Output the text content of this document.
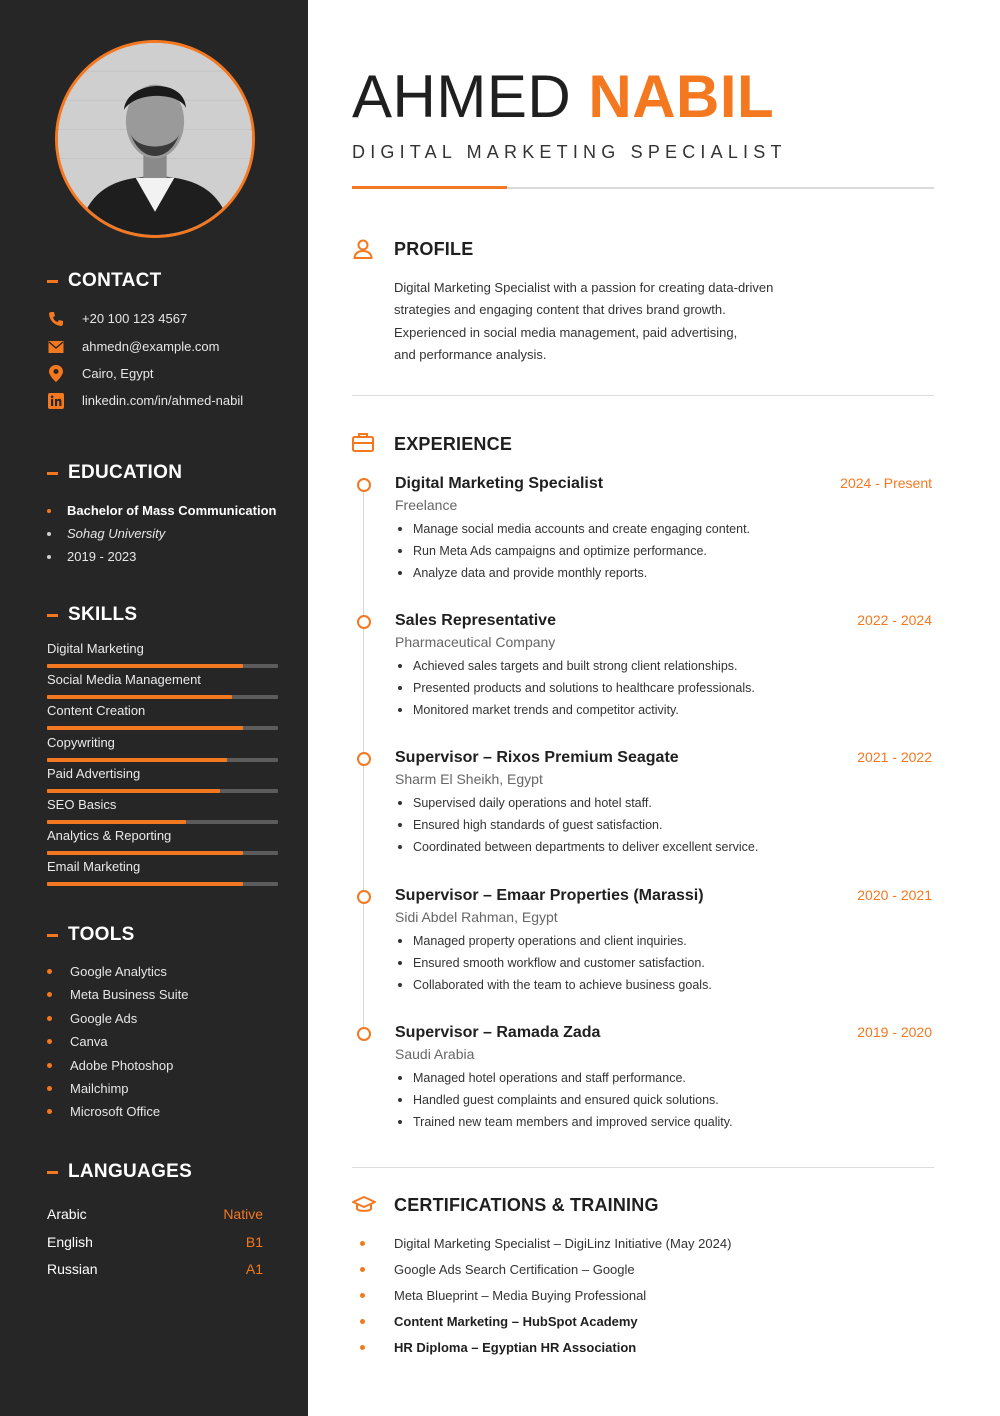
CONTACT
+20 100 123 4567
ahmedn@example.com
Cairo, Egypt
linkedin.com/in/ahmed-nabil
EDUCATION
Bachelor of Mass Communication
Sohag University
2019 - 2023
SKILLS
Digital Marketing
Social Media Management
Content Creation
Copywriting
Paid Advertising
SEO Basics
Analytics & Reporting
Email Marketing
TOOLS
Google Analytics
Meta Business Suite
Google Ads
Canva
Adobe Photoshop
Mailchimp
Microsoft Office
LANGUAGES
Arabic	Native
English	B1
Russian	A1
AHMED NABIL
DIGITAL MARKETING SPECIALIST
PROFILE
Digital Marketing Specialist with a passion for creating data-driven
strategies and engaging content that drives brand growth.
Experienced in social media management, paid advertising,
and performance analysis.
EXPERIENCE
Digital Marketing Specialist	2024 - Present
Freelance
Manage social media accounts and create engaging content.
Run Meta Ads campaigns and optimize performance.
Analyze data and provide monthly reports.
Sales Representative	2022 - 2024
Pharmaceutical Company
Achieved sales targets and built strong client relationships.
Presented products and solutions to healthcare professionals.
Monitored market trends and competitor activity.
Supervisor – Rixos Premium Seagate	2021 - 2022
Sharm El Sheikh, Egypt
Supervised daily operations and hotel staff.
Ensured high standards of guest satisfaction.
Coordinated between departments to deliver excellent service.
Supervisor – Emaar Properties (Marassi)	2020 - 2021
Sidi Abdel Rahman, Egypt
Managed property operations and client inquiries.
Ensured smooth workflow and customer satisfaction.
Collaborated with the team to achieve business goals.
Supervisor – Ramada Zada	2019 - 2020
Saudi Arabia
Managed hotel operations and staff performance.
Handled guest complaints and ensured quick solutions.
Trained new team members and improved service quality.
CERTIFICATIONS & TRAINING
Digital Marketing Specialist – DigiLinz Initiative (May 2024)
Google Ads Search Certification – Google
Meta Blueprint – Media Buying Professional
Content Marketing – HubSpot Academy
HR Diploma – Egyptian HR Association
